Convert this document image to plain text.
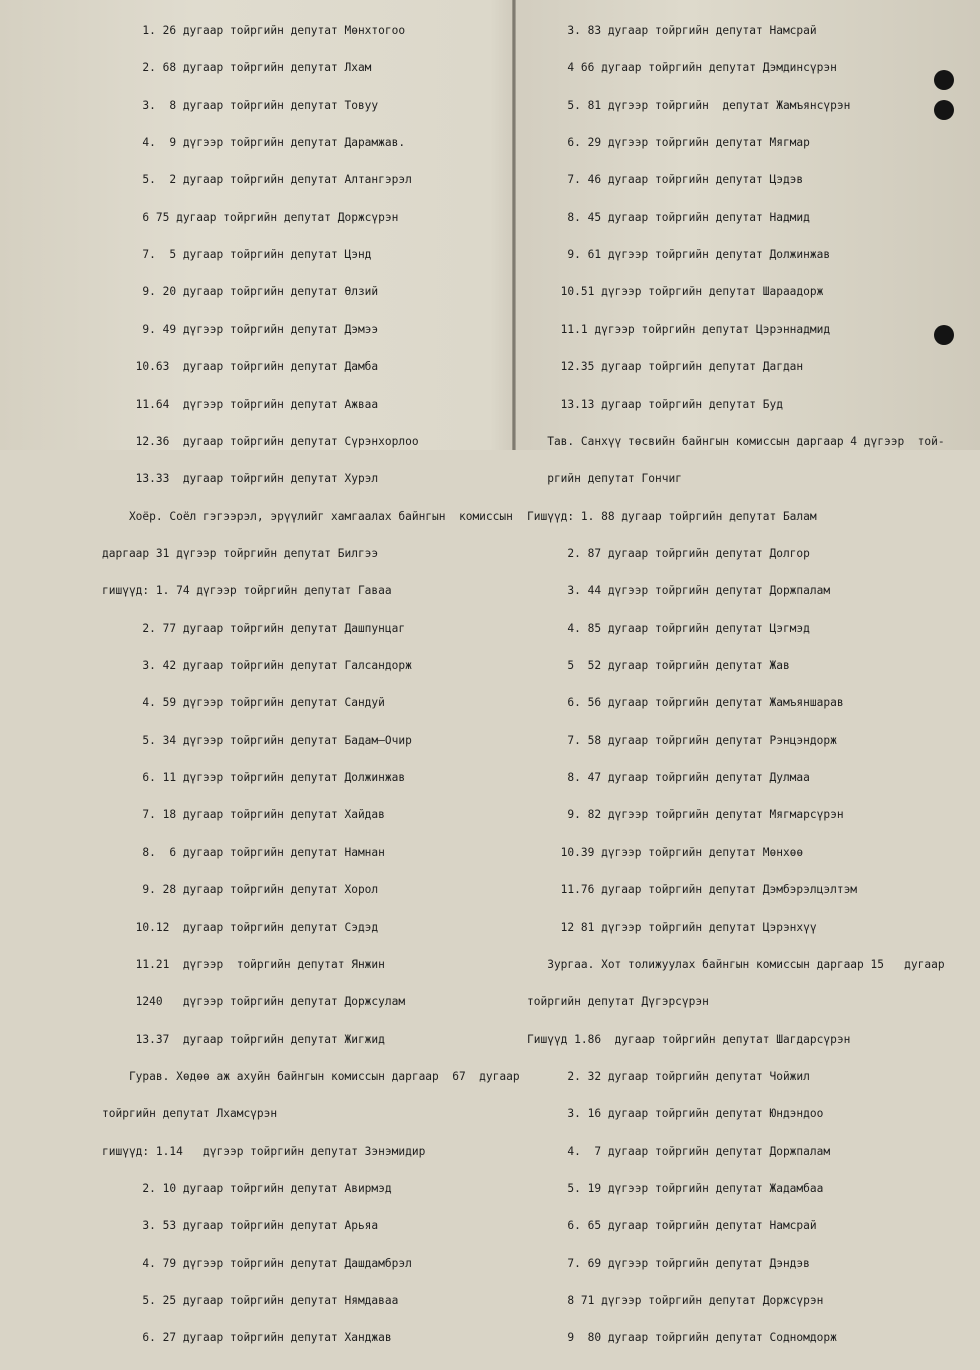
1. 26 дугаар тойргийн депутат Мөнхтогоо

2. 68 дугаар тойргийн депутат Лхам

3.  8 дугаар тойргийн депутат Товуу

4.  9 дүгээр тойргийн депутат Дарамжав.

5.  2 дугаар тойргийн депутат Алтангэрэл

6 75 дугаар тойргийн депутат Доржсүрэн

7.  5 дугаар тойргийн депутат Цэнд

9. 20 дугаар тойргийн депутат Өлзий

9. 49 дүгээр тойргийн депутат Дэмээ

10.63  дугаар тойргийн депутат Дамба

11.64  дүгээр тойргийн депутат Ажваа

12.36  дугаар тойргийн депутат Сүрэнхорлоо

13.33  дугаар тойргийн депутат Хурэл

Хоёр. Соёл гэгээрэл, эрүүлийг хамгаалах байнгын  комиссын

даргаар 31 дүгээр тойргийн депутат Билгээ

гишүүд: 1. 74 дүгээр тойргийн депутат Гаваа

2. 77 дугаар тойргийн депутат Дашпунцаг

3. 42 дугаар тойргийн депутат Галсандорж

4. 59 дүгээр тойргийн депутат Сандуй

5. 34 дүгээр тойргийн депутат Бадам—Очир

6. 11 дүгээр тойргийн депутат Должинжав

7. 18 дугаар тойргийн депутат Хайдав

8.  6 дугаар тойргийн депутат Намнан

9. 28 дугаар тойргийн депутат Хорол

10.12  дугаар тойргийн депутат Сэдэд

11.21  дүгээр  тойргийн депутат Янжин

1240   дүгээр тойргийн депутат Доржсулам

13.37  дугаар тойргийн депутат Жигжид

Гурав. Хөдөө аж ахуйн байнгын комиссын даргаар  67  дугаар

тойргийн депутат Лхамсүрэн

гишүүд: 1.14   дүгээр тойргийн депутат Зэнэмидир

2. 10 дугаар тойргийн депутат Авирмэд

3. 53 дугаар тойргийн депутат Арьяа

4. 79 дүгээр тойргийн депутат Дашдамбрэл

5. 25 дугаар тойргийн депутат Нямдаваа

6. 27 дугаар тойргийн депутат Ханджав

3. 83 дугаар тойргийн депутат Намсрай

4 66 дугаар тойргийн депутат Дэмдинсүрэн

5. 81 дүгээр тойргийн  депутат Жамъянсүрэн

6. 29 дүгээр тойргийн депутат Мягмар

7. 46 дугаар тойргийн депутат Цэдэв

8. 45 дугаар тойргийн депутат Надмид

9. 61 дүгээр тойргийн депутат Должинжав

10.51 дүгээр тойргийн депутат Шараадорж

11.1 дүгээр тойргийн депутат Цэрэннадмид

12.35 дугаар тойргийн депутат Дагдан

13.13 дугаар тойргийн депутат Буд

Тав. Санхүү төсвийн байнгын комиссын даргаар 4 дүгээр  той-

ргийн депутат Гончиг

Гишүүд: 1. 88 дугаар тойргийн депутат Балам

2. 87 дугаар тойргийн депутат Долгор

3. 44 дүгээр тойргийн депутат Доржпалам

4. 85 дугаар тойргийн депутат Цэгмэд

5  52 дугаар тойргийн депутат Жав

6. 56 дугаар тойргийн депутат Жамъяншарав

7. 58 дугаар тойргийн депутат Рэнцэндорж

8. 47 дугаар тойргийн депутат Дулмаа

9. 82 дүгээр тойргийн депутат Мягмарсүрэн

10.39 дүгээр тойргийн депутат Мөнхөө

11.76 дугаар тойргийн депутат Дэмбэрэлцэлтэм

12 81 дүгээр тойргийн депутат Цэрэнхүү

Зургаа. Хот толижуулах байнгын комиссын даргаар 15   дугаар

тойргийн депутат Дүгэрсүрэн

Гишүүд 1.86  дугаар тойргийн депутат Шагдарсүрэн

2. 32 дугаар тойргийн депутат Чойжил

3. 16 дугаар тойргийн депутат Юндэндоо

4.  7 дугаар тойргийн депутат Доржпалам

5. 19 дүгээр тойргийн депутат Жадамбаа

6. 65 дугаар тойргийн депутат Намсрай

7. 69 дүгээр тойргийн депутат Дэндэв

8 71 дүгээр тойргийн депутат Доржсүрэн

9  80 дугаар тойргийн депутат Содномдорж
